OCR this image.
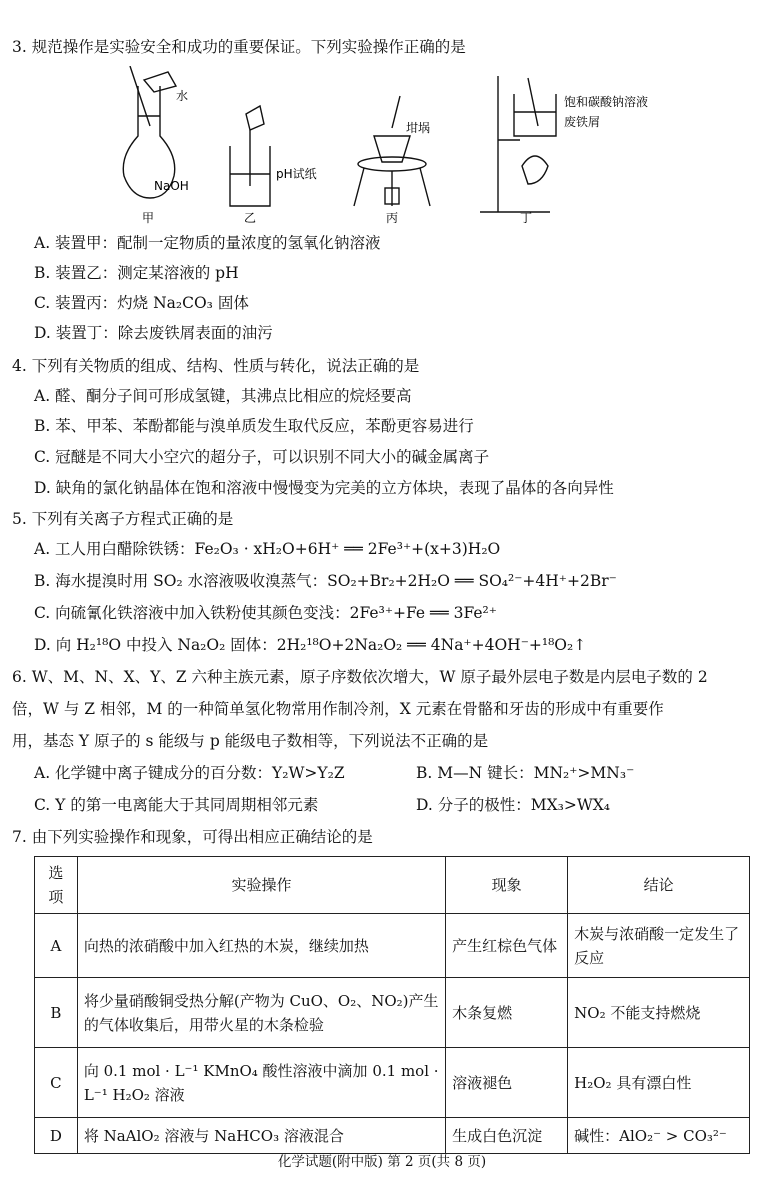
3. 规范操作是实验安全和成功的重要保证。下列实验操作正确的是
水
NaOH
pH试纸
坩埚
饱和碳酸钠溶液
废铁屑
甲	乙	丙	丁
A. 装置甲：配制一定物质的量浓度的氢氧化钠溶液
B. 装置乙：测定某溶液的 pH
C. 装置丙：灼烧 Na₂CO₃ 固体
D. 装置丁：除去废铁屑表面的油污
4. 下列有关物质的组成、结构、性质与转化，说法正确的是
A. 醛、酮分子间可形成氢键，其沸点比相应的烷烃要高
B. 苯、甲苯、苯酚都能与溴单质发生取代反应，苯酚更容易进行
C. 冠醚是不同大小空穴的超分子，可以识别不同大小的碱金属离子
D. 缺角的氯化钠晶体在饱和溶液中慢慢变为完美的立方体块，表现了晶体的各向异性
5. 下列有关离子方程式正确的是
A. 工人用白醋除铁锈：Fe₂O₃ · xH₂O+6H⁺ ══ 2Fe³⁺+(x+3)H₂O
B. 海水提溴时用 SO₂ 水溶液吸收溴蒸气：SO₂+Br₂+2H₂O ══ SO₄²⁻+4H⁺+2Br⁻
C. 向硫氰化铁溶液中加入铁粉使其颜色变浅：2Fe³⁺+Fe ══ 3Fe²⁺
D. 向 H₂¹⁸O 中投入 Na₂O₂ 固体：2H₂¹⁸O+2Na₂O₂ ══ 4Na⁺+4OH⁻+¹⁸O₂↑
6. W、M、N、X、Y、Z 六种主族元素，原子序数依次增大，W 原子最外层电子数是内层电子数的 2
倍，W 与 Z 相邻，M 的一种简单氢化物常用作制冷剂，X 元素在骨骼和牙齿的形成中有重要作
用，基态 Y 原子的 s 能级与 p 能级电子数相等，下列说法不正确的是
A. 化学键中离子键成分的百分数：Y₂W>Y₂Z	B. M—N 键长：MN₂⁺>MN₃⁻
C. Y 的第一电离能大于其同周期相邻元素	D. 分子的极性：MX₃>WX₄
7. 由下列实验操作和现象，可得出相应正确结论的是
选项	实验操作	现象	结论
A	向热的浓硝酸中加入红热的木炭，继续加热	产生红棕色气体	木炭与浓硝酸一定发生了反应
B	将少量硝酸铜受热分解(产物为 CuO、O₂、NO₂)产生的气体收集后，用带火星的木条检验	木条复燃	NO₂ 不能支持燃烧
C	向 0.1 mol · L⁻¹ KMnO₄ 酸性溶液中滴加 0.1 mol · L⁻¹ H₂O₂ 溶液	溶液褪色	H₂O₂ 具有漂白性
D	将 NaAlO₂ 溶液与 NaHCO₃ 溶液混合	生成白色沉淀	碱性：AlO₂⁻ > CO₃²⁻
化学试题(附中版) 第 2 页(共 8 页)
